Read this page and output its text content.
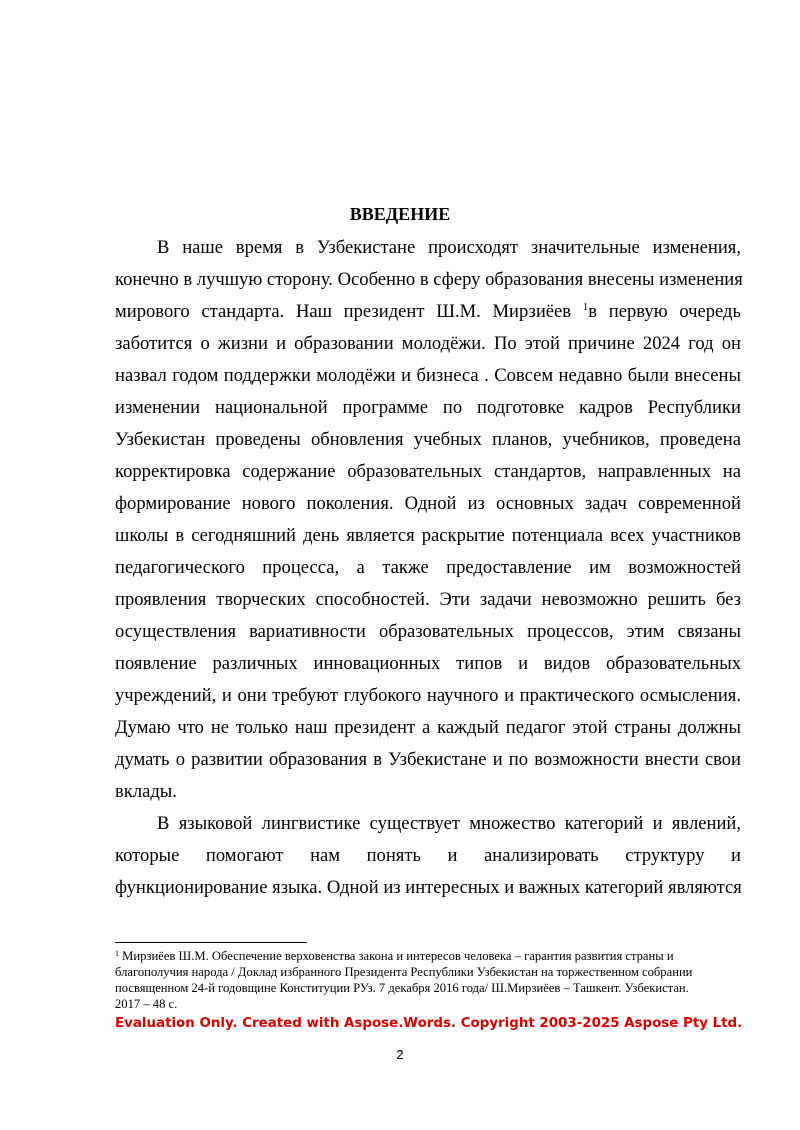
ВВЕДЕНИЕ
В наше время в Узбекистане происходят значительные изменения,
конечно в лучшую сторону. Особенно в сферу образования внесены изменения
мирового стандарта. Наш президент Ш.М. Мирзиёев $^1$в первую очередь
заботится о жизни и образовании молодёжи. По этой причине 2024 год он
назвал годом поддержки молодёжи и бизнеса . Совсем недавно были внесены
изменении национальной программе по подготовке кадров Республики
Узбекистан проведены обновления учебных планов, учебников, проведена
корректировка содержание образовательных стандартов, направленных на
формирование нового поколения. Одной из основных задач современной
школы в сегодняшний день является раскрытие потенциала всех участников
педагогического процесса, а также предоставление им возможностей
проявления творческих способностей. Эти задачи невозможно решить без
осуществления вариативности образовательных процессов, этим связаны
появление различных инновационных типов и видов образовательных
учреждений, и они требуют глубокого научного и практического осмысления.
Думаю что не только наш президент а каждый педагог этой страны должны
думать о развитии образования в Узбекистане и по возможности внести свои
вклады.
В языковой лингвистике существует множество категорий и явлений,
которые помогают нам понять и анализировать структуру и
функционирование языка. Одной из интересных и важных категорий являются
$^1$ Мирзиёев Ш.М. Обеспечение верховенства закона и интересов человека – гарантия развития страны и
благополучия народа / Доклад избранного Президента Республики Узбекистан на торжественном собрании
посвященном 24-й годовщине Конституции РУз. 7 декабря 2016 года/ Ш.Мирзиёев – Ташкент. Узбекистан.
2017 – 48 с.
Evaluation Only. Created with Aspose.Words. Copyright 2003-2025 Aspose Pty Ltd.
2
